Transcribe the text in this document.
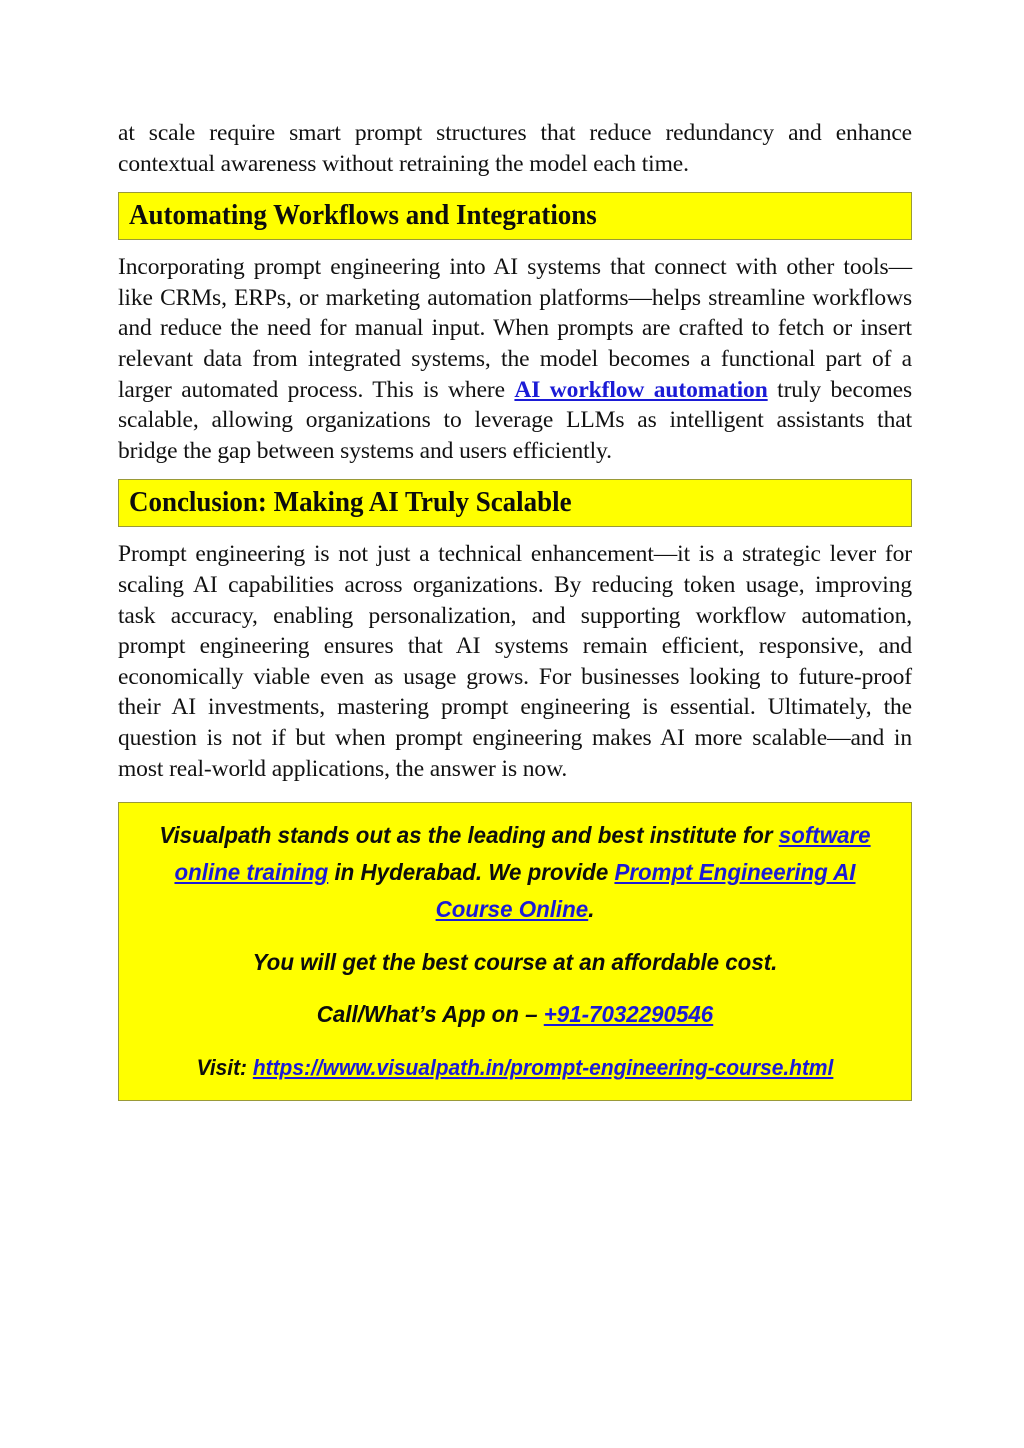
at scale require smart prompt structures that reduce redundancy and enhance contextual awareness without retraining the model each time.

Automating Workflows and Integrations

Incorporating prompt engineering into AI systems that connect with other tools—like CRMs, ERPs, or marketing automation platforms—helps streamline workflows and reduce the need for manual input. When prompts are crafted to fetch or insert relevant data from integrated systems, the model becomes a functional part of a larger automated process. This is where AI workflow automation truly becomes scalable, allowing organizations to leverage LLMs as intelligent assistants that bridge the gap between systems and users efficiently.

Conclusion: Making AI Truly Scalable

Prompt engineering is not just a technical enhancement—it is a strategic lever for scaling AI capabilities across organizations. By reducing token usage, improving task accuracy, enabling personalization, and supporting workflow automation, prompt engineering ensures that AI systems remain efficient, responsive, and economically viable even as usage grows. For businesses looking to future-proof their AI investments, mastering prompt engineering is essential. Ultimately, the question is not if but when prompt engineering makes AI more scalable—and in most real-world applications, the answer is now.

Visualpath stands out as the leading and best institute for software online training in Hyderabad. We provide Prompt Engineering AI Course Online.

You will get the best course at an affordable cost.

Call/What’s App on – +91-7032290546

Visit: https://www.visualpath.in/prompt-engineering-course.html
